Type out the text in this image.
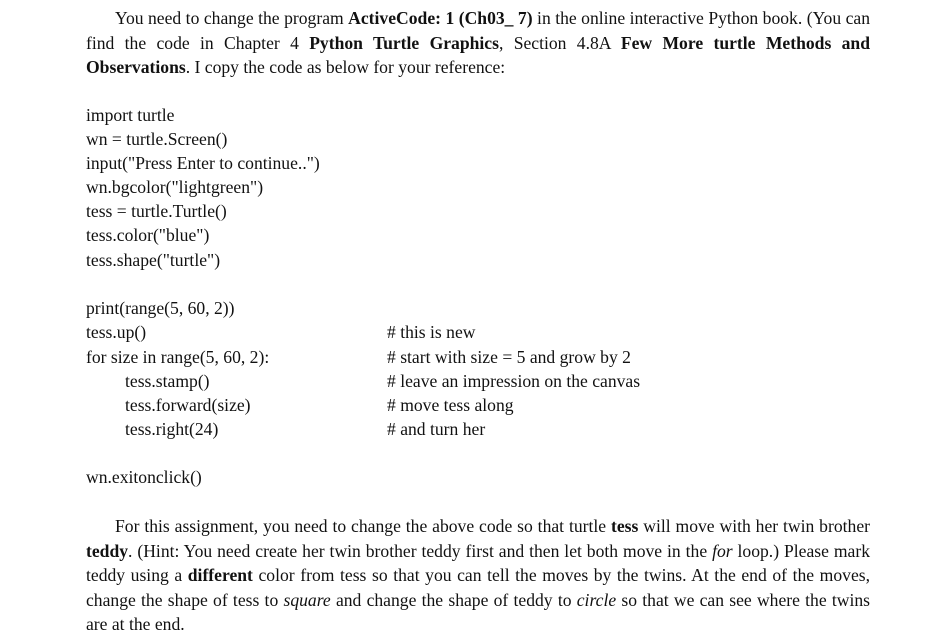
You need to change the program ActiveCode: 1 (Ch03_ 7) in the online interactive Python book. (You can find the code in Chapter 4 Python Turtle Graphics, Section 4.8A Few More turtle Methods and Observations. I copy the code as below for your reference:

import turtle

wn = turtle.Screen()

input("Press Enter to continue..")

wn.bgcolor("lightgreen")

tess = turtle.Turtle()

tess.color("blue")

tess.shape("turtle")

print(range(5, 60, 2))

tess.up()

for size in range(5, 60, 2):

tess.stamp()

tess.forward(size)

tess.right(24)

# this is new

# start with size = 5 and grow by 2

# leave an impression on the canvas

# move tess along

# and turn her

wn.exitonclick()

For this assignment, you need to change the above code so that turtle tess will move with her twin brother teddy. (Hint: You need create her twin brother teddy first and then let both move in the for loop.) Please mark teddy using a different color from tess so that you can tell the moves by the twins. At the end of the moves, change the shape of tess to square and change the shape of teddy to circle so that we can see where the twins are at the end.
